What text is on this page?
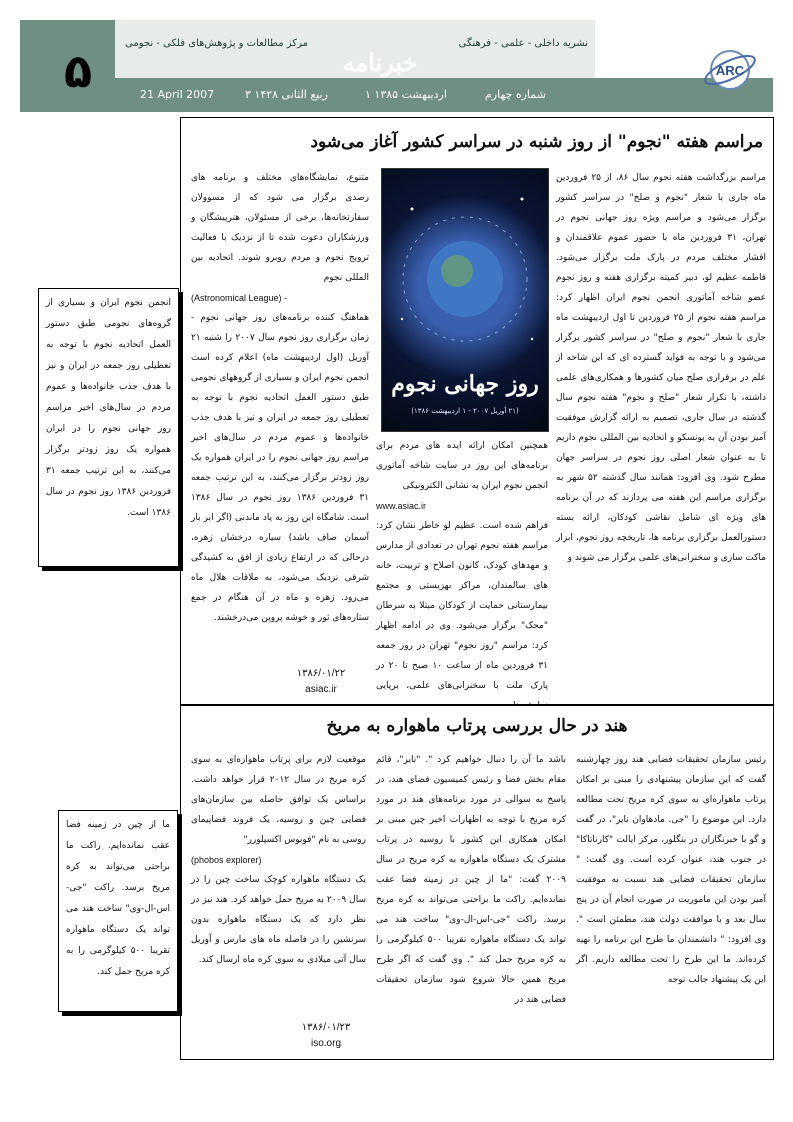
۵	خبرنامه
نشریه داخلی - علمی - فرهنگی
مرکز مطالعات و پژوهش‌های فلکی - نجومی
شماره چهارم
۱ اردیبهشت ۱۳۸۵
۳ ربیع الثانی ۱۴۲۸
21 April 2007
ARC
مراسم هفته "نجوم" از روز شنبه در سراسر کشور آغاز می‌شود

مراسم بزرگداشت هفته نجوم سال ۸۶، از ۲۵ فروردین ماه جاری با شعار "نجوم و صلح" در سراسر کشور برگزار می‌شود و مراسم ویژه روز جهانی نجوم در تهران، ۳۱ فروردین ماه با حضور عموم علاقمندان و اقشار مختلف مردم در پارک ملت برگزار می‌شود. فاطمه عظیم لو، دبیر کمیته برگزاری هفته و روز نجوم عضو شاخه آماتوری انجمن نجوم ایران اظهار کرد: مراسم هفته نجوم از ۲۵ فروردین تا اول اردیبهشت ماه جاری با شعار "نجوم و صلح" در سراسر کشور برگزار می‌شود و با توجه به فواید گسترده ای که این شاخه از علم در برقراری صلح میان کشورها و همکاری‌های علمی داشته، با تکرار شعار "صلح و نجوم" هفته نجوم سال گذشته در سال جاری، تصمیم به ارائه گزارش موفقیت آمیز بودن آن به یونسکو و اتحادیه بین المللی نجوم داریم تا به عنوان شعار اصلی روز نجوم در سراسر جهان مطرح شود. وی افزود: همانند سال گذشته ۵۲ شهر به برگزاری مراسم این هفته می پردازند که در آن برنامه های ویژه ای شامل نقاشی کودکان، ارائه بسته دستورالعمل برگزاری برنامه ها، تاریخچه روز نجوم، ابزار ماکت سازی و سخنرانی‌های علمی برگزار می شوند و

روز جهانی نجوم
(۲۱ آوریل ۲۰۰۷ - ۱ اردیبهشت ۱۳۸۶)

همچنین امکان ارائه ایده های مردم برای برنامه‌های این روز در سایت شاخه آماتوری انجمن نجوم ایران به نشانی الکترونیکی
www.asiac.ir
فراهم شده است. عظیم لو خاطر نشان کرد: مراسم هفته نجوم تهران در تعدادی از مدارس و مهدهای کودک، کانون اصلاح و تربیت، خانه های سالمندان، مراکز بهزیستی و مجتمع بیمارستانی حمایت از کودکان مبتلا به سرطان "محک" برگزار می‌شود. وی در ادامه اظهار کرد: مراسم "روز نجوم" تهران در روز جمعه ۳۱ فروردین ماه از ساعت ۱۰ صبح تا ۲۰ در پارک ملت با سخنرانی‌های علمی، برپایی

متنوع، نمایشگاه‌های مختلف و برنامه های رصدی برگزار می شود که از مسوولان سفارتخانه‌ها، برخی از مسئولان، هنرپیشگان و ورزشکاران دعوت شده تا از نزدیک با فعالیت ترویج نجوم و مردم روبرو شوند. اتحادیه بین المللی نجوم
(Astronomical League) -
هماهنگ کننده برنامه‌های روز جهانی نجوم - زمان برگزاری روز نجوم سال ۲۰۰۷ را شنبه ۲۱ آوریل (اول اردیبهشت ماه) اعلام کرده است انجمن نجوم ایران و بسیاری از گروههای نجومی طبق دستور العمل اتحادیه نجوم با توجه به تعطیلی روز جمعه در ایران و نیز با هدف جذب خانواده‌ها و عموم مردم در سال‌های اخیر مراسم روز جهانی نجوم را در ایران همواره یک روز زودتر برگزار می‌کنند، به این ترتیب جمعه ۳۱ فروردین ۱۳۸۶ روز نجوم در سال ۱۳۸۶ است. شامگاه این روز به یاد ماندنی (اگر ابر بار آسمان صاف باشد) سیاره درخشان زهره، درحالی که در ارتفاع زیادی از افق به کشیدگی شرقی نزدیک می‌شود، به ملاقات هلال ماه می‌رود. زهره و ماه در آن هنگام در جمع ستاره‌های ثور و خوشه پروین می‌درخشند.

۱۳۸۶/۰۱/۲۲
asiac.ir
انجمن نجوم ایران و بسیاری از گروه‌های نجومی طبق دستور العمل اتحادیه نجوم با توجه به تعطیلی روز جمعه در ایران و نیز با هدف جذب خانواده‌ها و عموم مردم در سال‌های اخیر مراسم روز جهانی نجوم را در ایران همواره یک روز زودتر برگزار می‌کنند، به این ترتیب جمعه ۳۱ فروردین ۱۳۸۶ روز نجوم در سال ۱۳۸۶ است.
هند در حال بررسی پرتاب ماهواره به مریخ

رئیس سازمان تحقیقات فضایی هند روز چهارشنبه گفت که این سازمان پیشنهادی را مبنی بر امکان پرتاب ماهواره‌ای به سوی کره مریخ تحت مطالعه دارد. این موضوع را "جی. مادهاوان نایر"، در گفت و گو با خبرنگاران در بنگلور، مرکز ایالت "کارناتاکا" در جنوب هند، عنوان کرده است. وی گفت: " سازمان تحقیقات فضایی هند نسبت به موفقیت آمیز بودن این ماموریت در صورت انجام آن در پنج سال بعد و با موافقت دولت هند، مطمئن است ". وی افزود: " دانشمندان ما طرح این برنامه را تهیه کرده‌اند. ما این طرح را تحت مطالعه داریم. اگر این یک پیشنهاد جالب توجه

باشد ما آن را دنبال خواهیم کرد ". "نایر"، قائم مقام بخش فضا و رئیس کمیسیون فضای هند، در پاسخ به سوالی در مورد برنامه‌های هند در مورد کره مریخ با توجه به اظهارات اخیر چین مبنی بر امکان همکاری این کشور با روسیه در پرتاب مشترک یک دستگاه ماهواره به کره مریخ در سال ۲۰۰۹ گفت: "ما از چین در زمینه فضا عقب نمانده‌ایم. راکت ما براحتی می‌تواند به کره مریخ برسد. راکت "جی-اس-ال-وی" ساخت هند می تواند یک دستگاه ماهواره تقریبا ۵۰۰ کیلوگرمی را به کره مریخ حمل کند ". وی گفت که اگر طرح مریخ همین حالا شروع شود سازمان تحقیقات فضایی هند در

موقعیت لازم برای پرتاب ماهواره‌ای به سوی کره مریخ در سال ۲۰۱۲ قرار خواهد داشت. براساس یک توافق حاصله بین سازمان‌های فضایی چین و روسیه، یک فروند فضاپیمای روسی به نام "فوبوس اکسپلورر"
(phobos explorer)
یک دستگاه ماهواره کوچک ساخت چین را در سال ۲۰۰۹ به مریخ حمل خواهد کرد. هند نیز در نظر دارد که یک دستگاه ماهواره بدون سرنشین را در فاصله ماه های مارس و آوریل سال آتی میلادی به سوی کره ماه ارسال کند.

۱۳۸۶/۰۱/۲۳
iso.org
ما از چین در زمینه فضا عقب نمانده‌ایم. راکت ما براحتی می‌تواند به کره مریخ برسد. راکت "جی-اس-ال-وی" ساخت هند می تواند یک دستگاه ماهواره تقریبا ۵۰۰ کیلوگرمی را به کره مریخ حمل کند.
